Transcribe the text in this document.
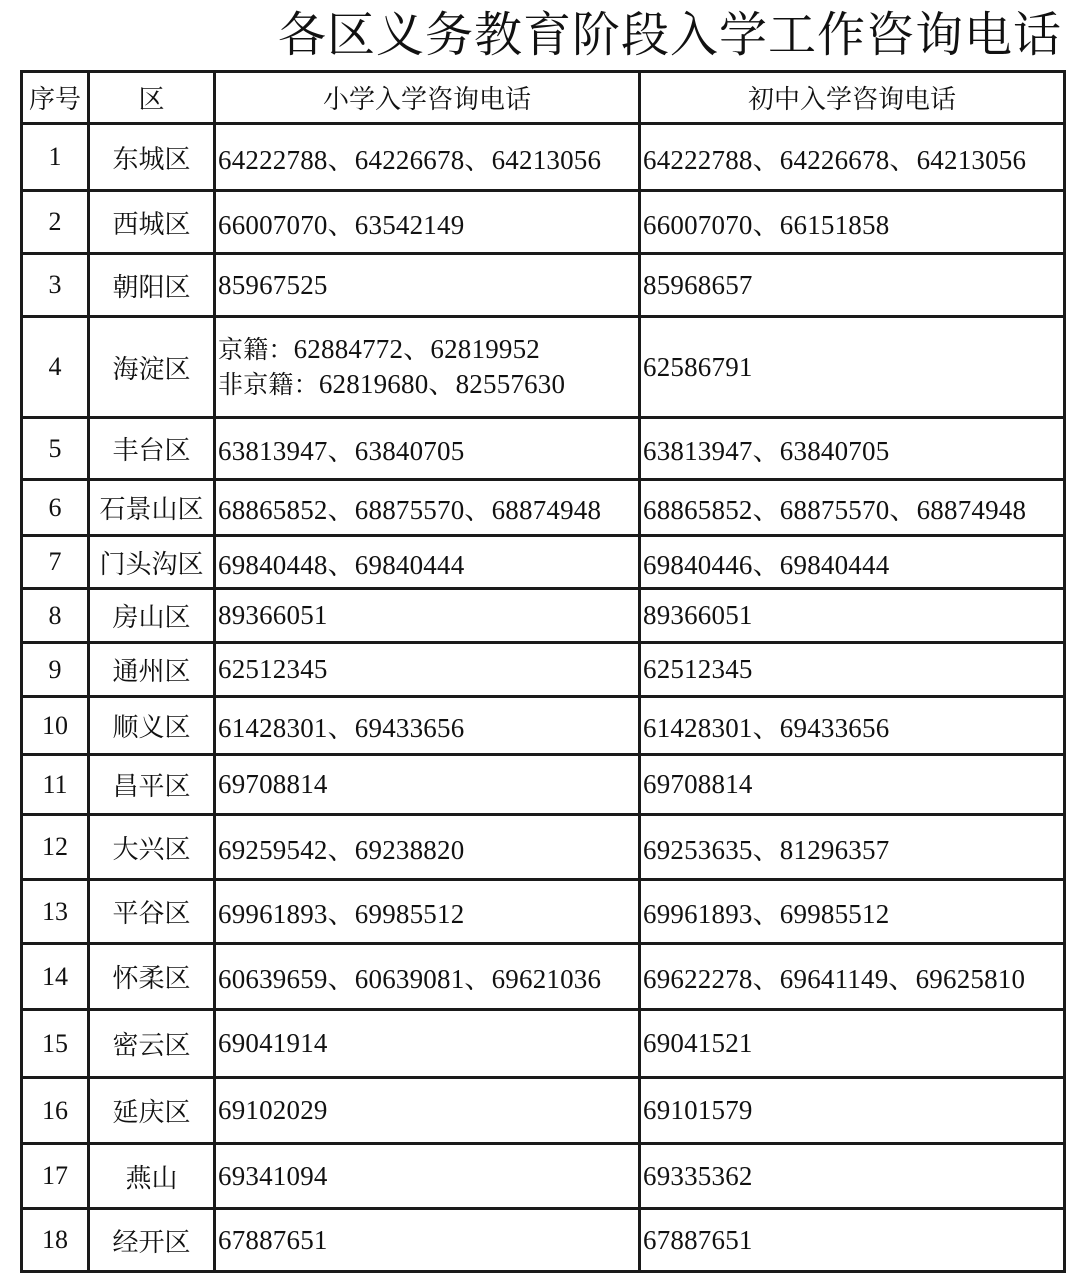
各区义务教育阶段入学工作咨询电话
序号	区	小学入学咨询电话	初中入学咨询电话
1	东城区	64222788、64226678、64213056	64222788、64226678、64213056
2	西城区	66007070、63542149	66007070、66151858
3	朝阳区	85967525	85968657
4	海淀区	京籍：62884772、62819952
非京籍：62819680、82557630	62586791
5	丰台区	63813947、63840705	63813947、63840705
6	石景山区	68865852、68875570、68874948	68865852、68875570、68874948
7	门头沟区	69840448、69840444	69840446、69840444
8	房山区	89366051	89366051
9	通州区	62512345	62512345
10	顺义区	61428301、69433656	61428301、69433656
11	昌平区	69708814	69708814
12	大兴区	69259542、69238820	69253635、81296357
13	平谷区	69961893、69985512	69961893、69985512
14	怀柔区	60639659、60639081、69621036	69622278、69641149、69625810
15	密云区	69041914	69041521
16	延庆区	69102029	69101579
17	燕山	69341094	69335362
18	经开区	67887651	67887651
